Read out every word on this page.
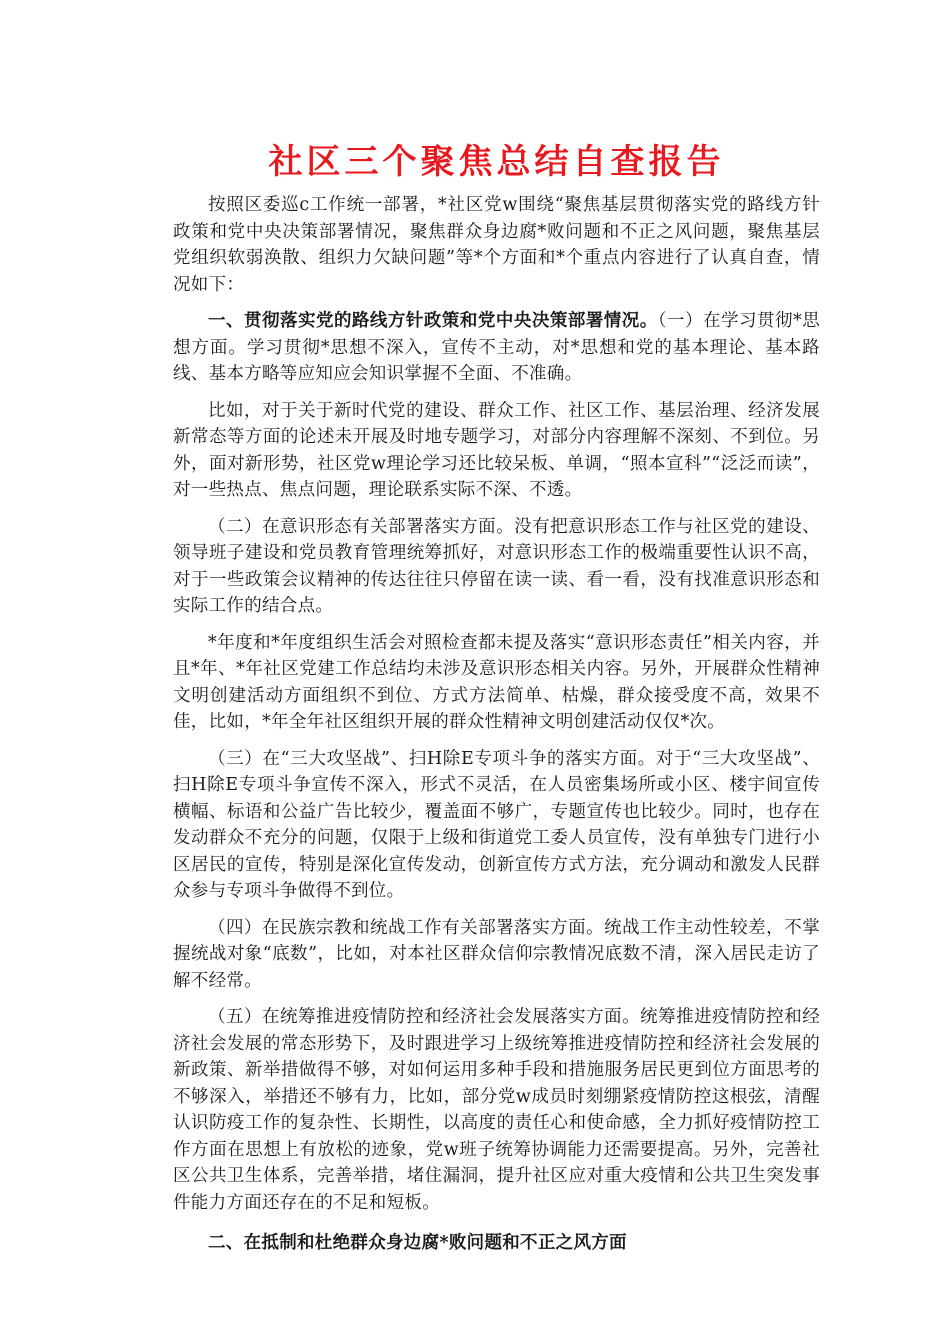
社区三个聚焦总结自查报告

按照区委巡c工作统一部署，*社区党w围绕“聚焦基层贯彻落实党的路线方针政策和党中央决策部署情况，聚焦群众身边腐*败问题和不正之风问题，聚焦基层党组织软弱涣散、组织力欠缺问题”等*个方面和*个重点内容进行了认真自查，情况如下：

一、贯彻落实党的路线方针政策和党中央决策部署情况。（一）在学习贯彻*思想方面。学习贯彻*思想不深入，宣传不主动，对*思想和党的基本理论、基本路线、基本方略等应知应会知识掌握不全面、不准确。

比如，对于关于新时代党的建设、群众工作、社区工作、基层治理、经济发展新常态等方面的论述未开展及时地专题学习，对部分内容理解不深刻、不到位。另外，面对新形势，社区党w理论学习还比较呆板、单调，“照本宣科”“泛泛而读”，对一些热点、焦点问题，理论联系实际不深、不透。

（二）在意识形态有关部署落实方面。没有把意识形态工作与社区党的建设、领导班子建设和党员教育管理统筹抓好，对意识形态工作的极端重要性认识不高，对于一些政策会议精神的传达往往只停留在读一读、看一看，没有找准意识形态和实际工作的结合点。

*年度和*年度组织生活会对照检查都未提及落实“意识形态责任”相关内容，并且*年、*年社区党建工作总结均未涉及意识形态相关内容。另外，开展群众性精神文明创建活动方面组织不到位、方式方法简单、枯燥，群众接受度不高，效果不佳，比如，*年全年社区组织开展的群众性精神文明创建活动仅仅*次。

（三）在“三大攻坚战”、扫H除E专项斗争的落实方面。对于“三大攻坚战”、扫H除E专项斗争宣传不深入，形式不灵活，在人员密集场所或小区、楼宇间宣传横幅、标语和公益广告比较少，覆盖面不够广，专题宣传也比较少。同时，也存在发动群众不充分的问题，仅限于上级和街道党工委人员宣传，没有单独专门进行小区居民的宣传，特别是深化宣传发动，创新宣传方式方法，充分调动和激发人民群众参与专项斗争做得不到位。

（四）在民族宗教和统战工作有关部署落实方面。统战工作主动性较差，不掌握统战对象“底数”，比如，对本社区群众信仰宗教情况底数不清，深入居民走访了解不经常。

（五）在统筹推进疫情防控和经济社会发展落实方面。统筹推进疫情防控和经济社会发展的常态形势下，及时跟进学习上级统筹推进疫情防控和经济社会发展的新政策、新举措做得不够，对如何运用多种手段和措施服务居民更到位方面思考的不够深入，举措还不够有力，比如，部分党w成员时刻绷紧疫情防控这根弦，清醒认识防疫工作的复杂性、长期性，以高度的责任心和使命感，全力抓好疫情防控工作方面在思想上有放松的迹象，党w班子统筹协调能力还需要提高。另外，完善社区公共卫生体系，完善举措，堵住漏洞，提升社区应对重大疫情和公共卫生突发事件能力方面还存在的不足和短板。

二、在抵制和杜绝群众身边腐*败问题和不正之风方面
